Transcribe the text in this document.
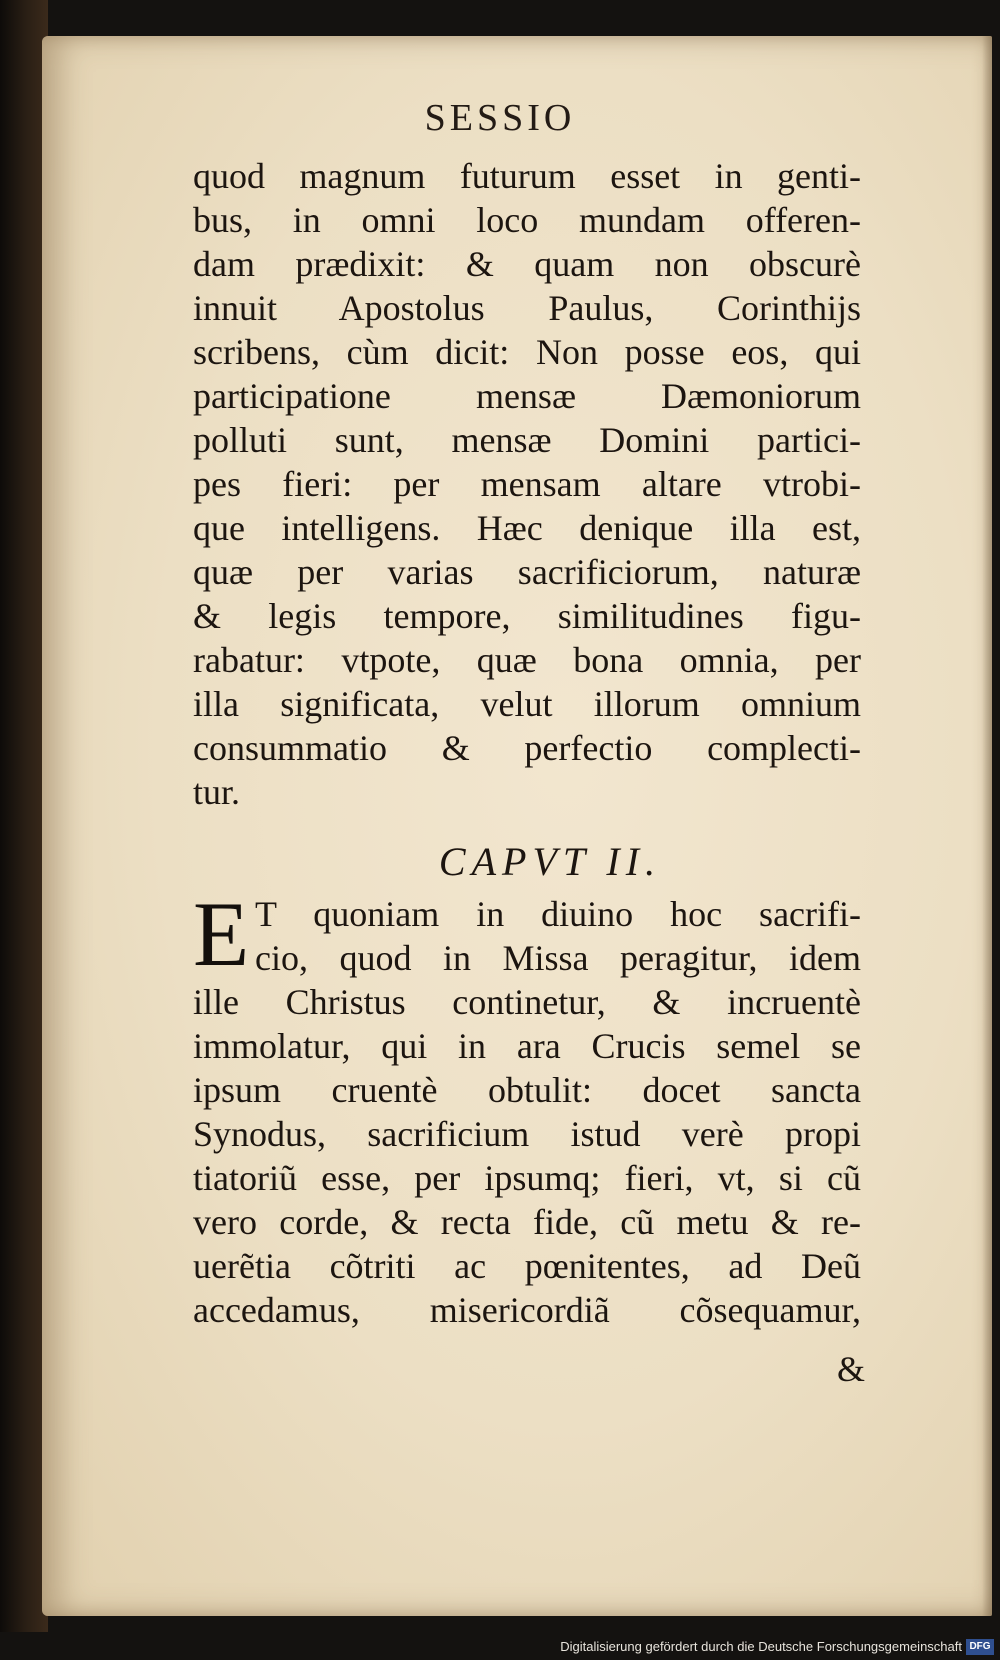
SESSIO
quod magnum futurum esset in genti-
bus, in omni loco mundam offeren-
dam prædixit: & quam non obscurè
innuit Apostolus Paulus, Corinthijs
scribens, cùm dicit: Non posse eos, qui
participatione mensæ Dæmoniorum
polluti sunt, mensæ Domini partici-
pes fieri: per mensam altare vtrobi-
que intelligens. Hæc denique illa est,
quæ per varias sacrificiorum, naturæ
& legis tempore, similitudines figu-
rabatur: vtpote, quæ bona omnia, per
illa significata, velut illorum omnium
consummatio & perfectio complecti-
tur.
CAPVT II.
E T quoniam in diuino hoc sacrifi-
cio, quod in Missa peragitur, idem
ille Christus continetur, & incruentè
immolatur, qui in ara Crucis semel se
ipsum cruentè obtulit: docet sancta
Synodus, sacrificium istud verè propi
tiatoriũ esse, per ipsumq; fieri, vt, si cũ
vero corde, & recta fide, cũ metu & re-
uerẽtia cõtriti ac pœnitentes, ad Deũ
accedamus, misericordiã cõsequamur,
&
Digitalisierung gefördert durch die Deutsche Forschungsgemeinschaft DFG
